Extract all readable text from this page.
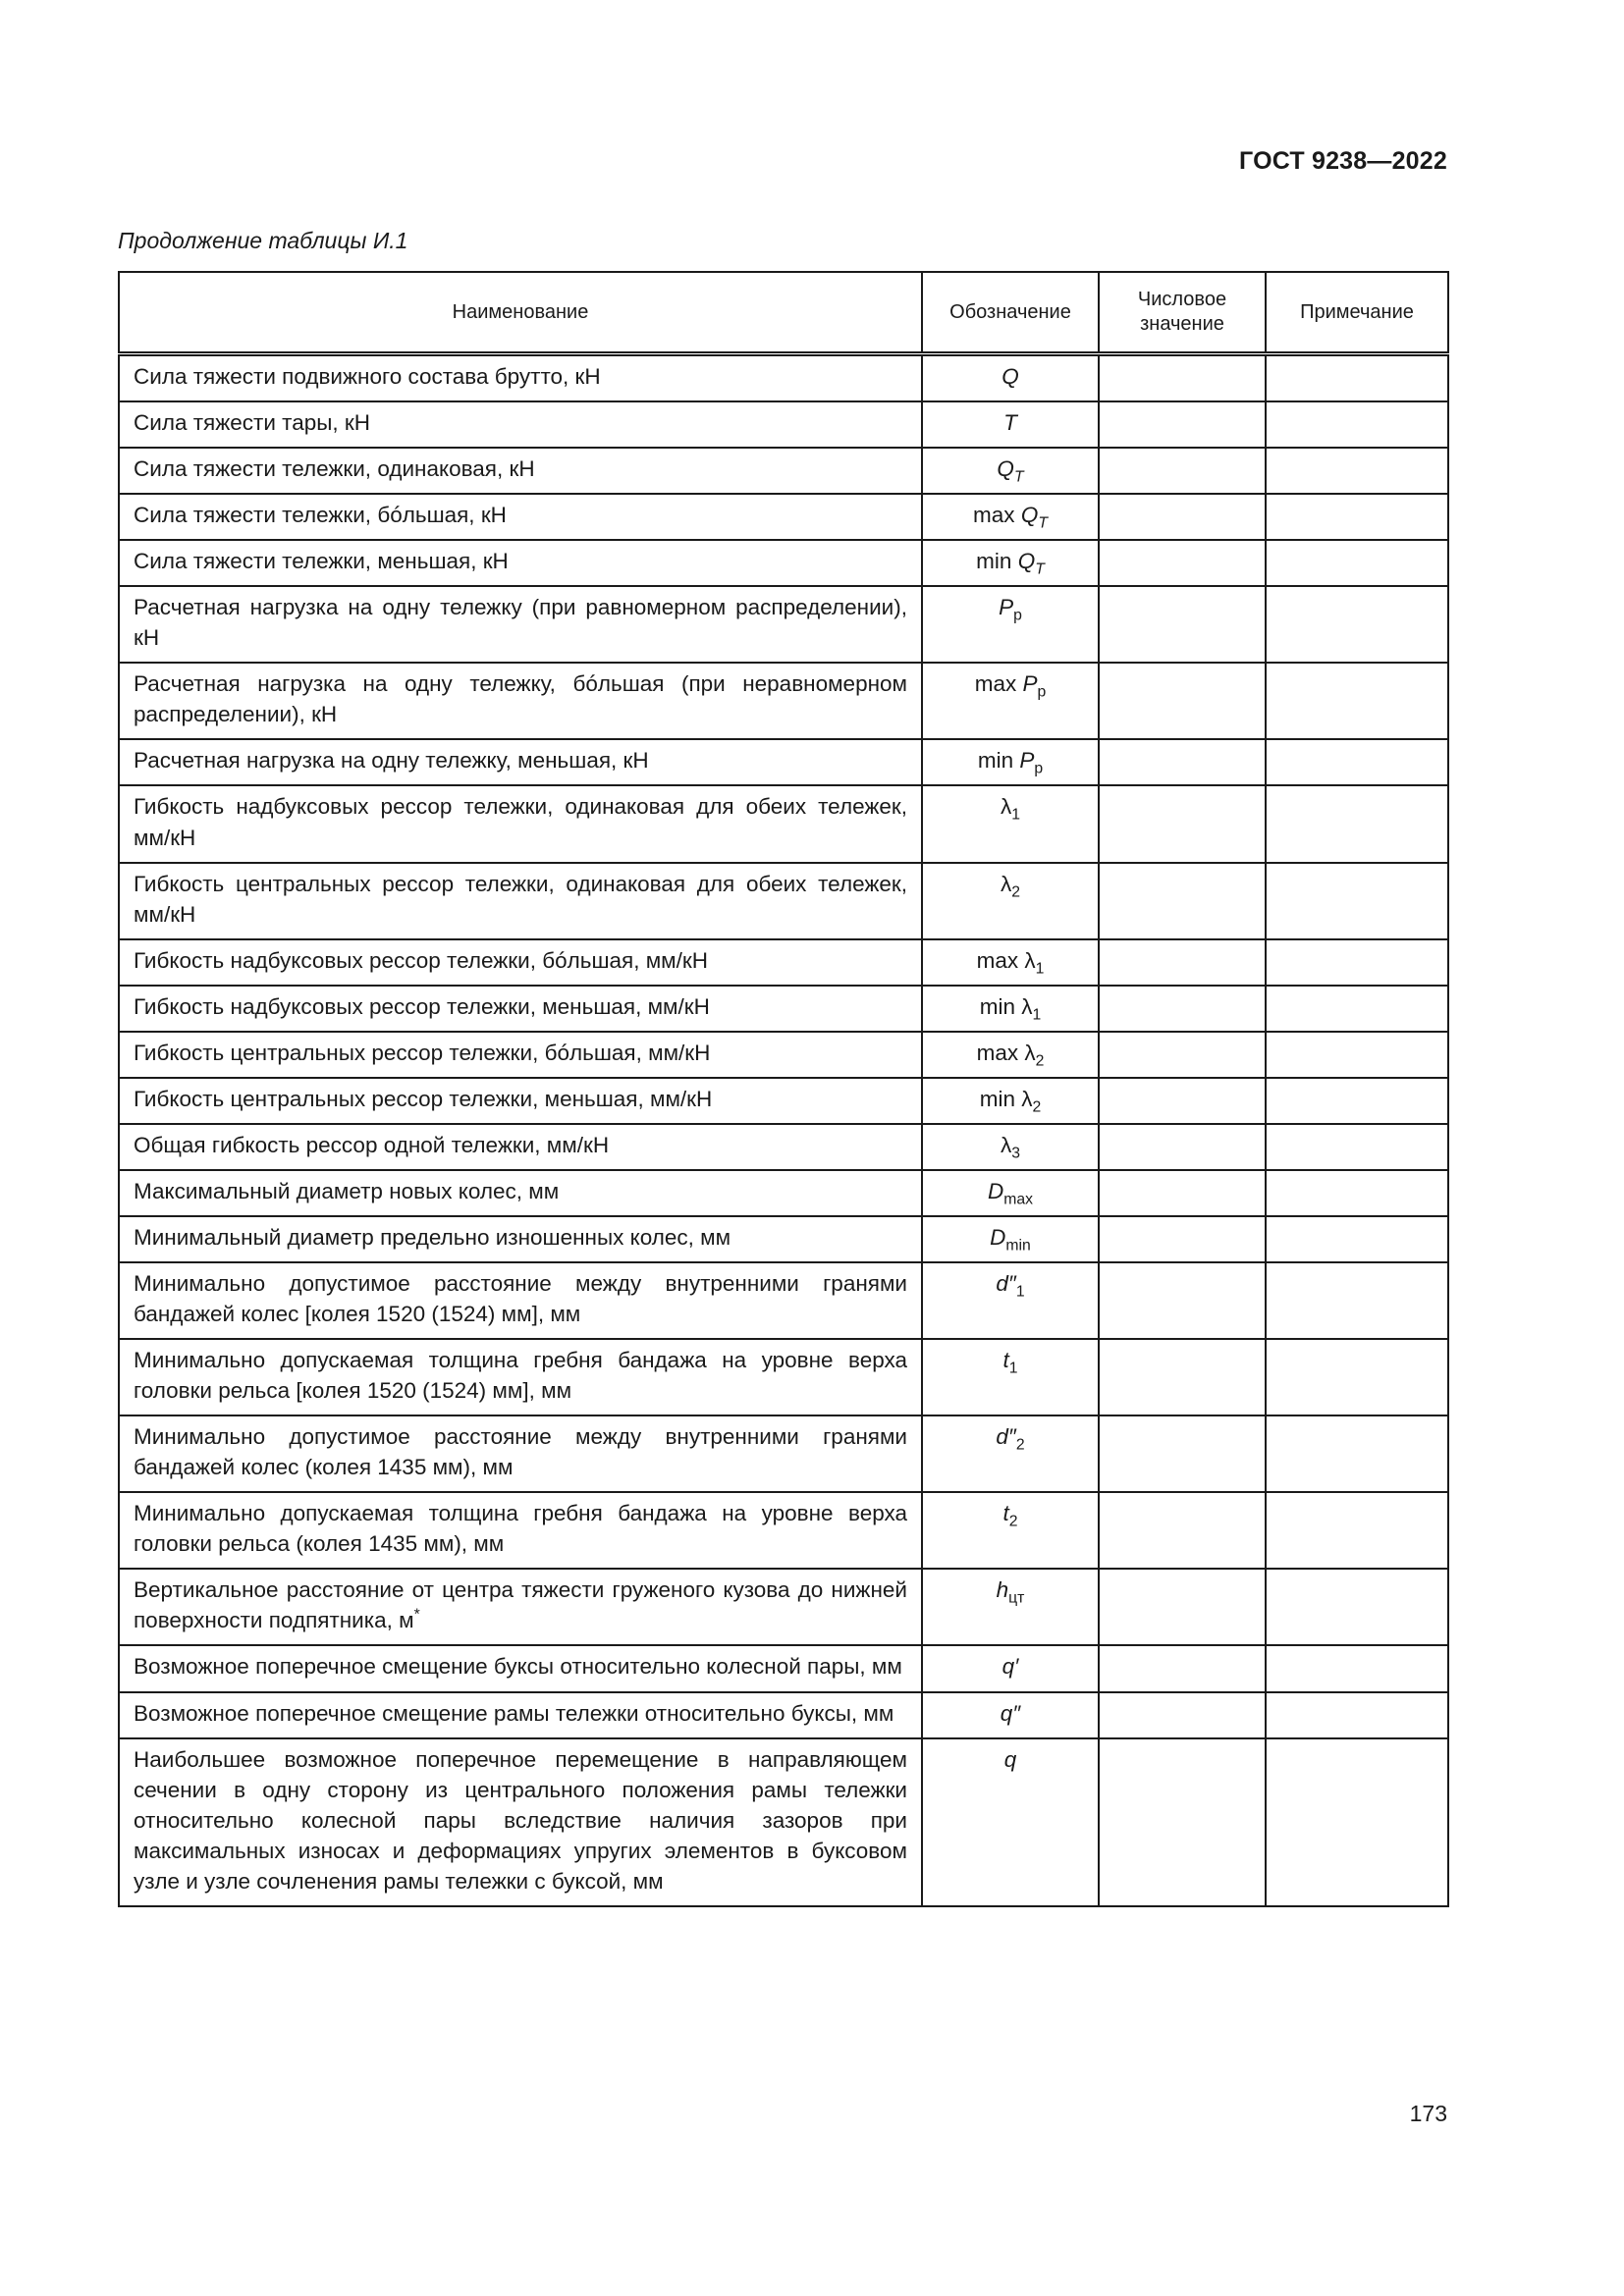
ГОСТ 9238—2022
Продолжение таблицы И.1
Наименование	Обозначение	Числовое значение	Примечание
Сила тяжести подвижного состава брутто, кН	Q		
Сила тяжести тары, кН	T		
Сила тяжести тележки, одинаковая, кН	$Q_T$		
Сила тяжести тележки, бóльшая, кН	$\max Q_T$		
Сила тяжести тележки, меньшая, кН	$\min Q_T$		
Расчетная нагрузка на одну тележку (при равномерном распределении), кН	$P_р$		
Расчетная нагрузка на одну тележку, бóльшая (при неравномерном распределении), кН	$\max P_р$		
Расчетная нагрузка на одну тележку, меньшая, кН	$\min P_р$		
Гибкость надбуксовых рессор тележки, одинаковая для обеих тележек, мм/кН	$\lambda_1$		
Гибкость центральных рессор тележки, одинаковая для обеих тележек, мм/кН	$\lambda_2$		
Гибкость надбуксовых рессор тележки, бóльшая, мм/кН	$\max \lambda_1$		
Гибкость надбуксовых рессор тележки, меньшая, мм/кН	$\min \lambda_1$		
Гибкость центральных рессор тележки, бóльшая, мм/кН	$\max \lambda_2$		
Гибкость центральных рессор тележки, меньшая, мм/кН	$\min \lambda_2$		
Общая гибкость рессор одной тележки, мм/кН	$\lambda_3$		
Максимальный диаметр новых колес, мм	$D_{max}$		
Минимальный диаметр предельно изношенных колес, мм	$D_{min}$		
Минимально допустимое расстояние между внутренними гранями бандажей колес [колея 1520 (1524) мм], мм	$d''_1$		
Минимально допускаемая толщина гребня бандажа на уровне верха головки рельса [колея 1520 (1524) мм], мм	$t_1$		
Минимально допустимое расстояние между внутренними гранями бандажей колес (колея 1435 мм), мм	$d''_2$		
Минимально допускаемая толщина гребня бандажа на уровне верха головки рельса (колея 1435 мм), мм	$t_2$		
Вертикальное расстояние от центра тяжести груженого кузова до нижней поверхности подпятника, м*	$h_{цт}$		
Возможное поперечное смещение буксы относительно колесной пары, мм	q′		
Возможное поперечное смещение рамы тележки относительно буксы, мм	q″		
Наибольшее возможное поперечное перемещение в направляющем сечении в одну сторону из центрального положения рамы тележки относительно колесной пары вследствие наличия зазоров при максимальных износах и деформациях упругих элементов в буксовом узле и узле сочленения рамы тележки с буксой, мм	q		
173
